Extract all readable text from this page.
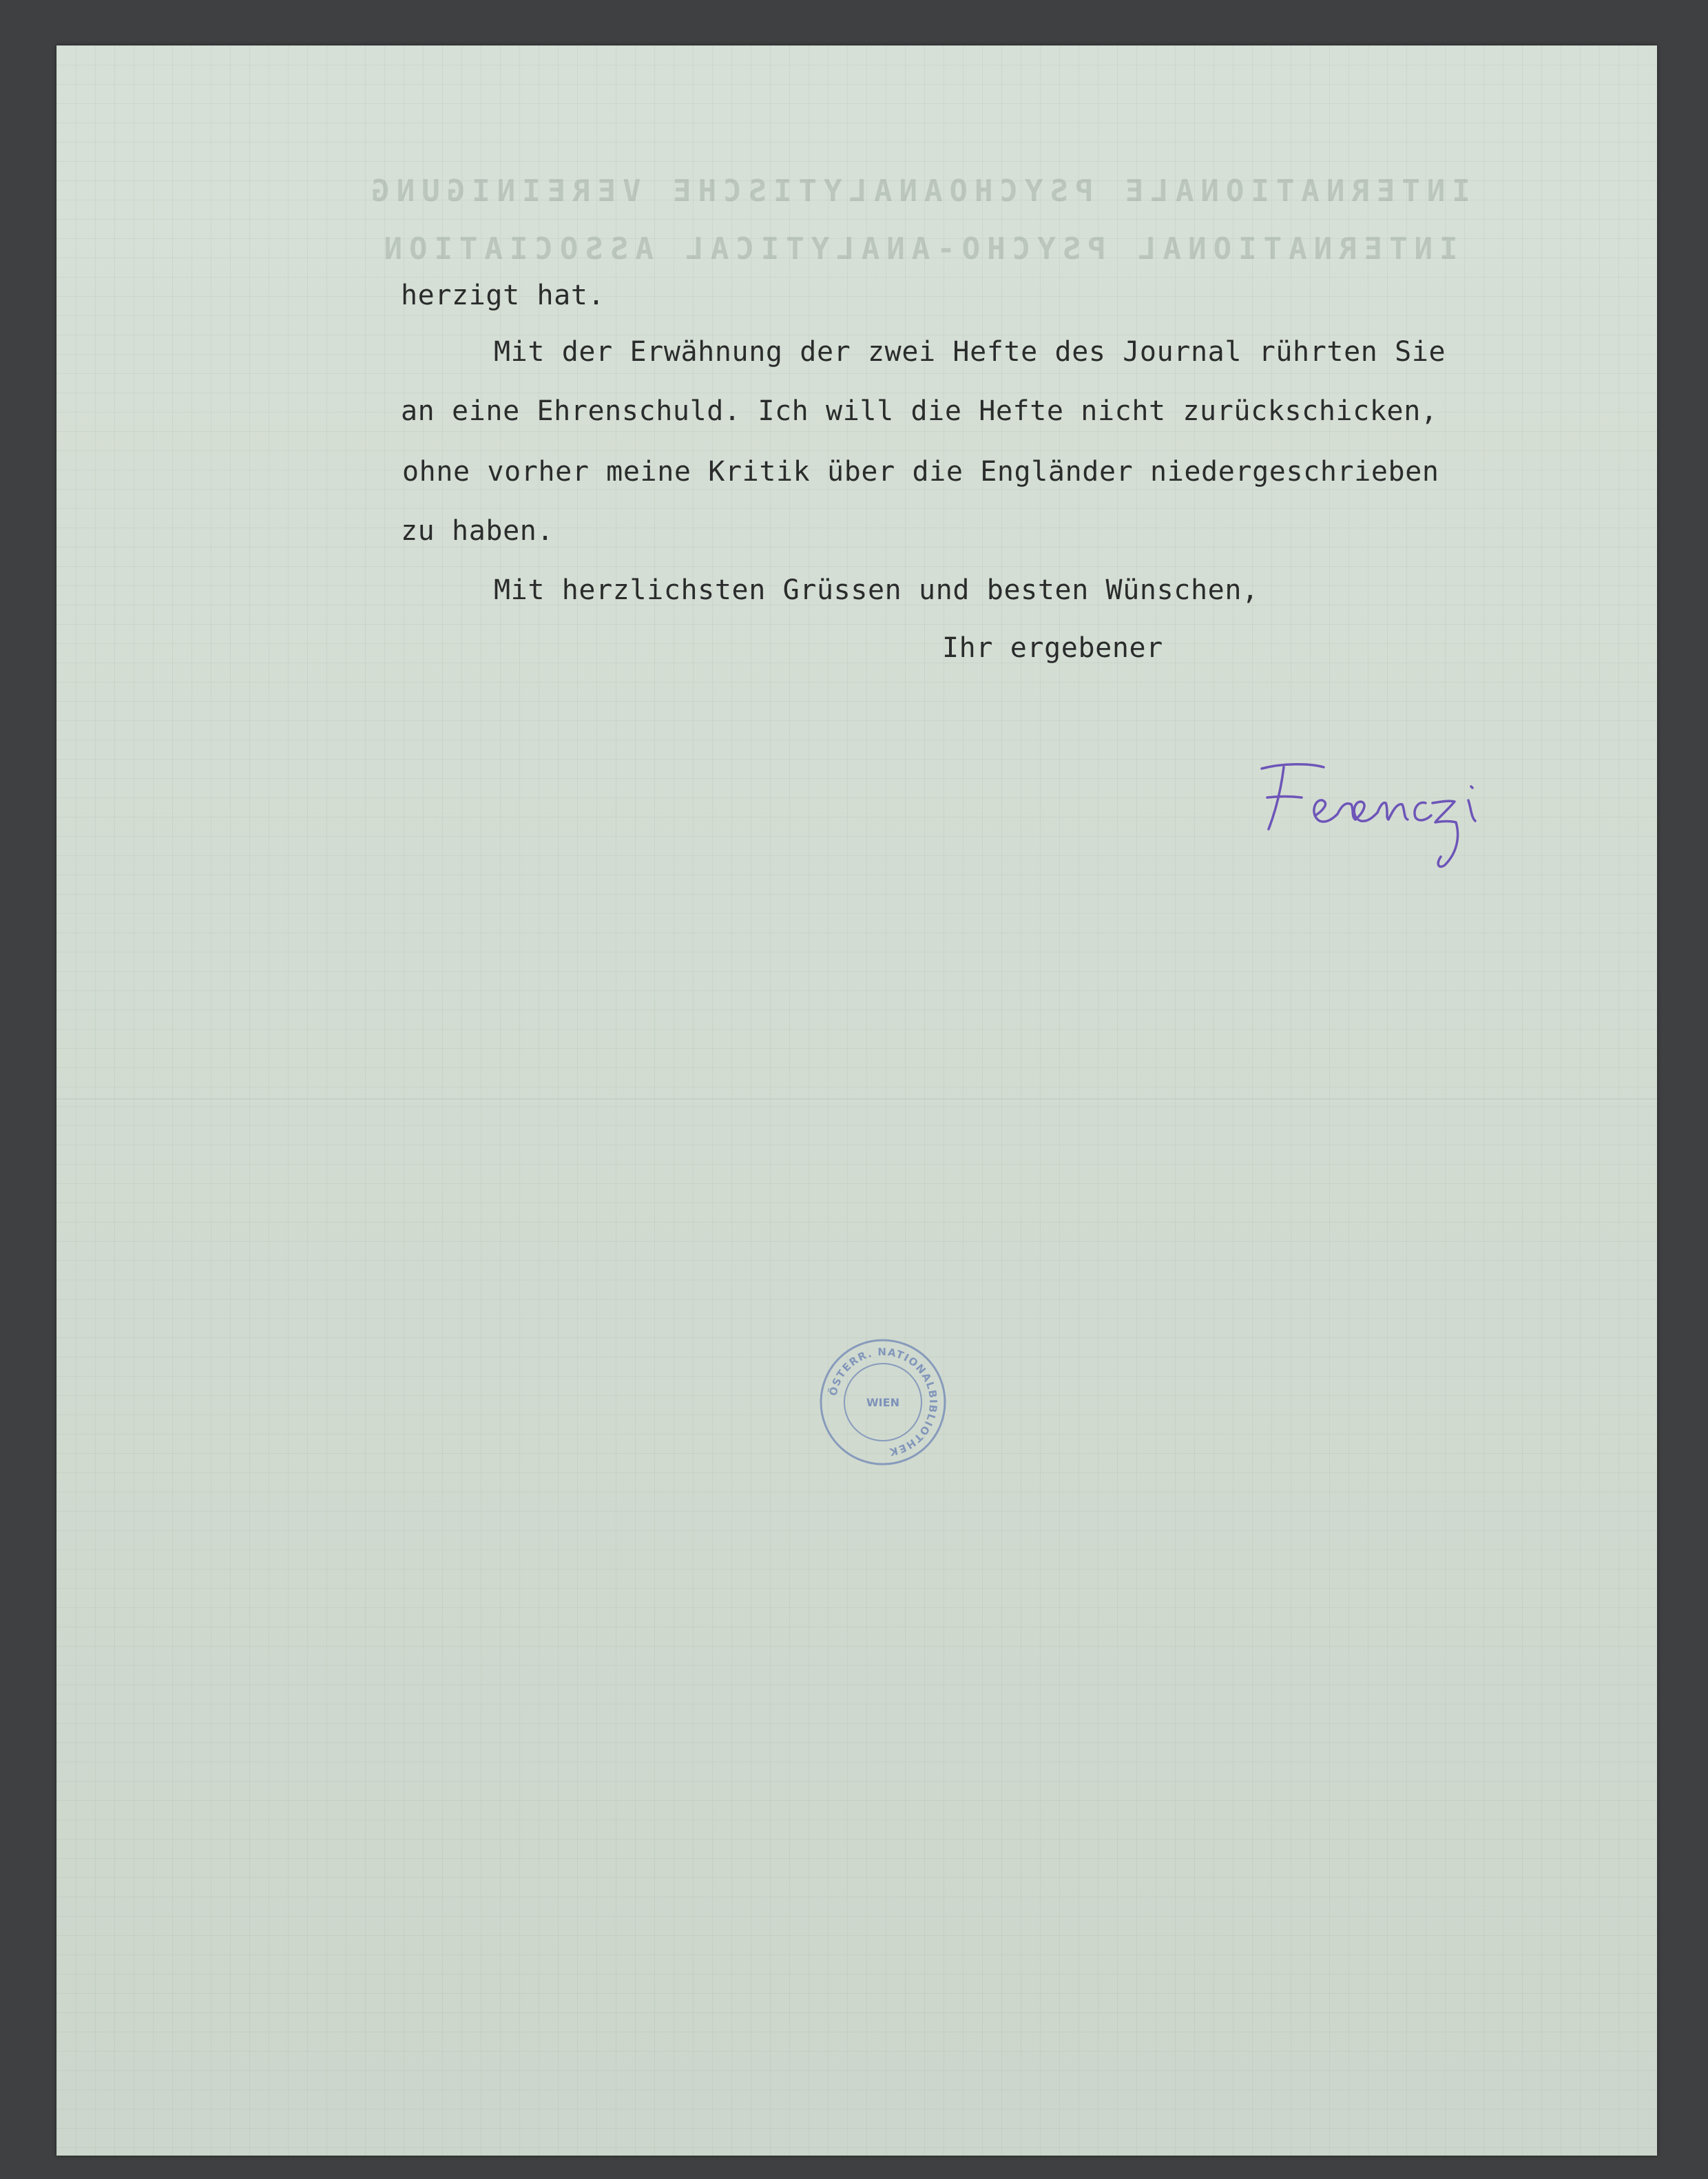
INTERNATIONALE PSYCHOANALYTISCHE VEREINIGUNG
INTERNATIONAL PSYCHO-ANALYTICAL ASSOCIATION
herzigt hat.
Mit der Erwähnung der zwei Hefte des Journal rührten Sie
an eine Ehrenschuld. Ich will die Hefte nicht zurückschicken,
ohne vorher meine Kritik über die Engländer niedergeschrieben
zu haben.
Mit herzlichsten Grüssen und besten Wünschen,
Ihr ergebener
ÖSTERR. NATIONALBIBLIOTHEK
WIEN
